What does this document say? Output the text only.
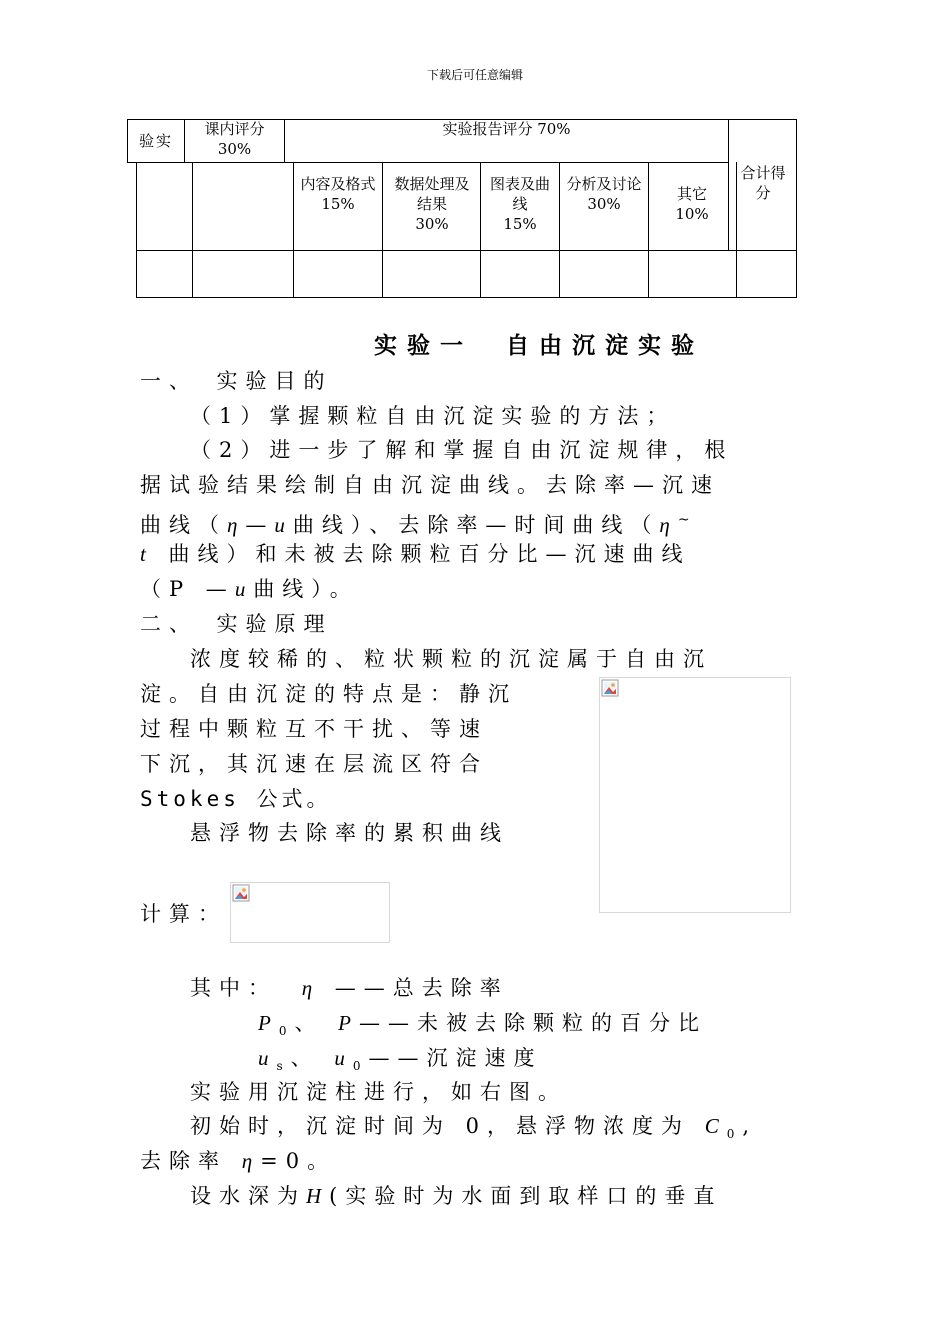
下载后可任意编辑
验实
课内评分
30%
实验报告评分 70%
合计得分
内容及格式
15%
数据处理及结果
30%
图表及曲线
15%
分析及讨论
30%
其它
10%
实验一　自由沉淀实验
一、　实验目的
（1）掌握颗粒自由沉淀实验的方法；
（2）进一步了解和掌握自由沉淀规律，根
据试验结果绘制自由沉淀曲线。去除率—沉速
曲线（η—u曲线）、去除率—时间曲线（η~
t 曲线）和未被去除颗粒百分比—沉速曲线
（P —u曲线）。
二、　实验原理
浓度较稀的、粒状颗粒的沉淀属于自由沉
淀。自由沉淀的特点是：静沉
过程中颗粒互不干扰、等速
下沉，其沉速在层流区符合
Stokes 公式。
悬浮物去除率的累积曲线
计算：
其中： η ——总去除率
$P_0$、 P——未被去除颗粒的百分比
$u_s$、 $u_0——$沉淀速度
实验用沉淀柱进行，如右图。
初始时，沉淀时间为 0，悬浮物浓度为 $C_0$,
去除率 η=0。
设水深为H(实验时为水面到取样口的垂直
